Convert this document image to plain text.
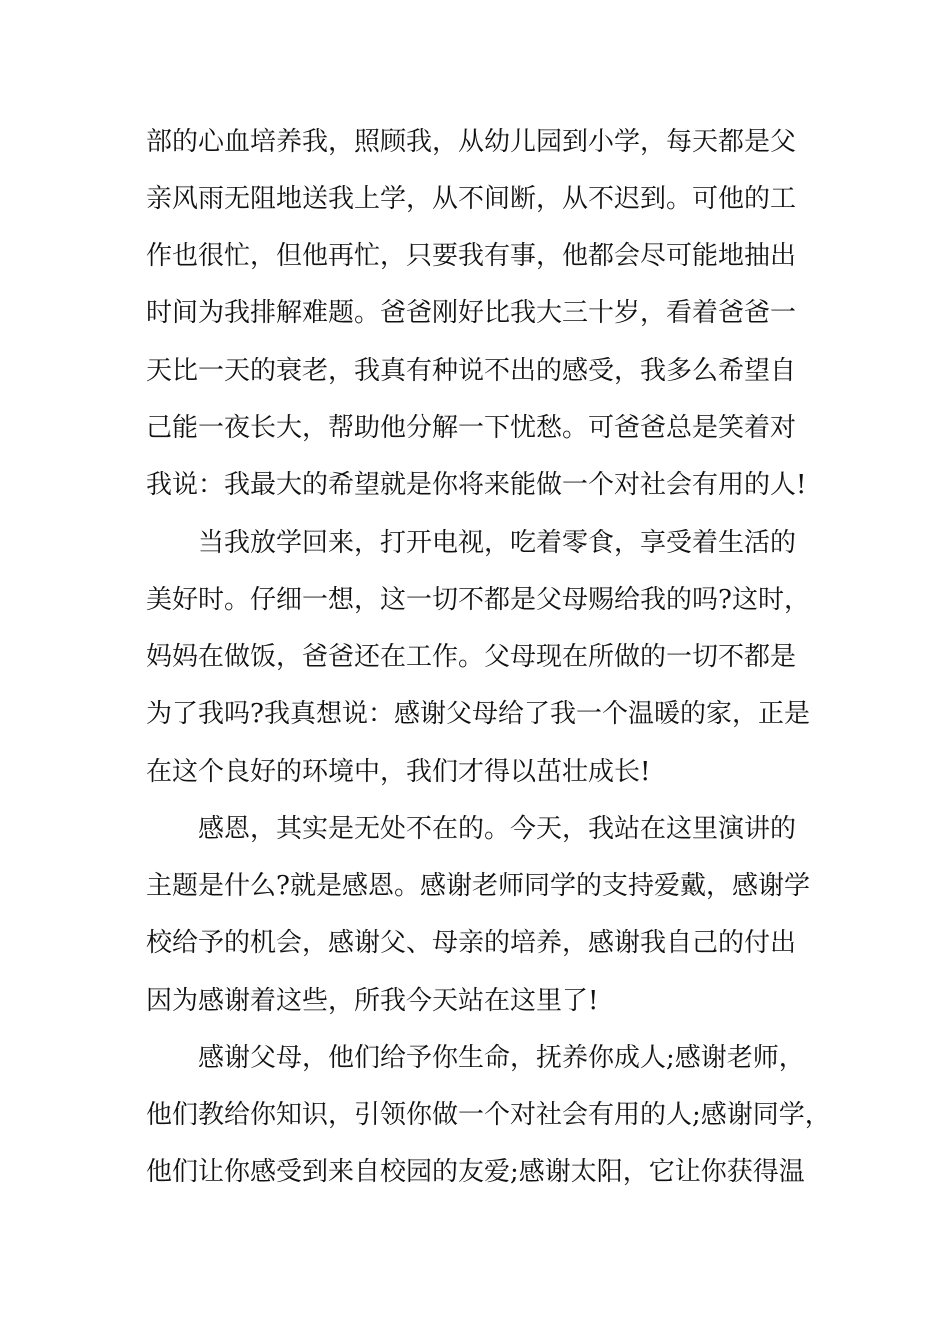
部的心血培养我，照顾我，从幼儿园到小学，每天都是父
亲风雨无阻地送我上学，从不间断，从不迟到。可他的工
作也很忙，但他再忙，只要我有事，他都会尽可能地抽出
时间为我排解难题。爸爸刚好比我大三十岁，看着爸爸一
天比一天的衰老，我真有种说不出的感受，我多么希望自
己能一夜长大，帮助他分解一下忧愁。可爸爸总是笑着对
我说：我最大的希望就是你将来能做一个对社会有用的人!
当我放学回来，打开电视，吃着零食，享受着生活的
美好时。仔细一想，这一切不都是父母赐给我的吗?这时，
妈妈在做饭，爸爸还在工作。父母现在所做的一切不都是
为了我吗?我真想说：感谢父母给了我一个温暖的家，正是
在这个良好的环境中，我们才得以茁壮成长!
感恩，其实是无处不在的。今天，我站在这里演讲的
主题是什么?就是感恩。感谢老师同学的支持爱戴，感谢学
校给予的机会，感谢父、母亲的培养，感谢我自己的付出
因为感谢着这些，所我今天站在这里了!
感谢父母，他们给予你生命，抚养你成人;感谢老师，
他们教给你知识，引领你做一个对社会有用的人;感谢同学，
他们让你感受到来自校园的友爱;感谢太阳，它让你获得温
